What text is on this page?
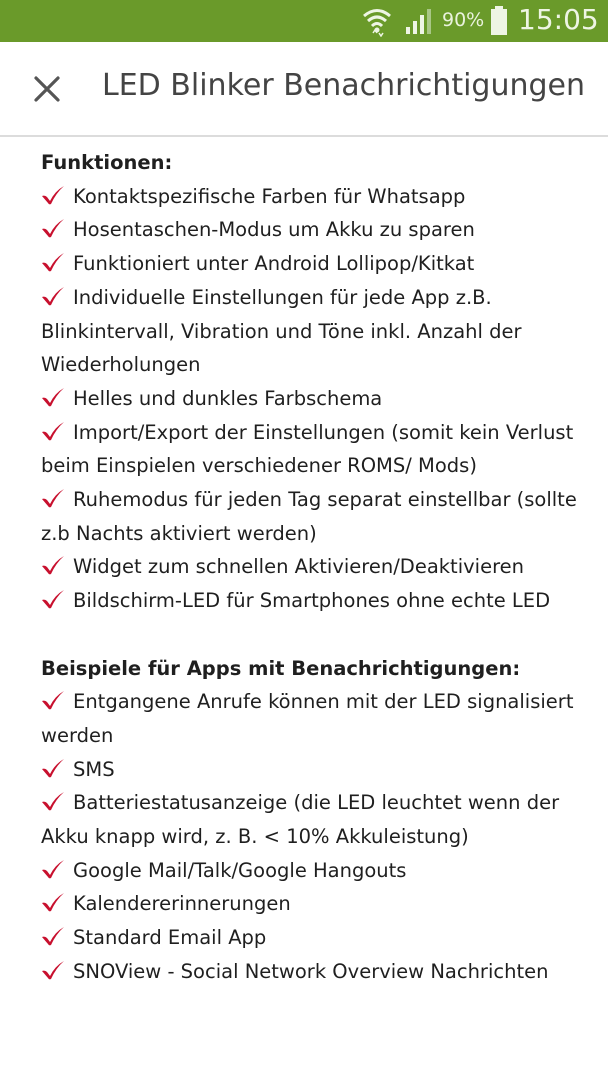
90% 15:05
LED Blinker Benachrichtigungen
Funktionen:
Kontaktspezifische Farben für Whatsapp
Hosentaschen-Modus um Akku zu sparen
Funktioniert unter Android Lollipop/Kitkat
Individuelle Einstellungen für jede App z.B. Blinkintervall, Vibration und Töne inkl. Anzahl der Wiederholungen
Helles und dunkles Farbschema
Import/Export der Einstellungen (somit kein Verlust beim Einspielen verschiedener ROMS/ Mods)
Ruhemodus für jeden Tag separat einstellbar (sollte z.b Nachts aktiviert werden)
Widget zum schnellen Aktivieren/Deaktivieren
Bildschirm-LED für Smartphones ohne echte LED
Beispiele für Apps mit Benachrichtigungen:
Entgangene Anrufe können mit der LED signalisiert werden
SMS
Batteriestatusanzeige (die LED leuchtet wenn der Akku knapp wird, z. B. < 10% Akkuleistung)
Google Mail/Talk/Google Hangouts
Kalendererinnerungen
Standard Email App
SNOView - Social Network Overview Nachrichten
